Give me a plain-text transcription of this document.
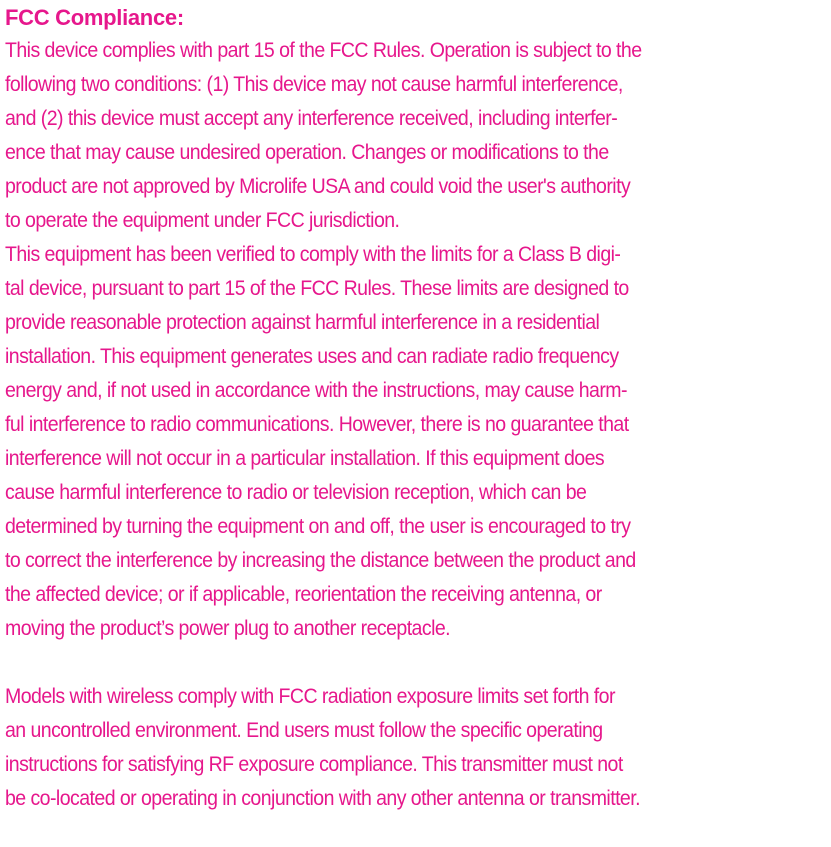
FCC Compliance:
This device complies with part 15 of the FCC Rules. Operation is subject to the
following two conditions: (1) This device may not cause harmful interference,
and (2) this device must accept any interference received, including interfer-
ence that may cause undesired operation. Changes or modifications to the
product are not approved by Microlife USA and could void the user's authority
to operate the equipment under FCC jurisdiction.
This equipment has been verified to comply with the limits for a Class B digi-
tal device, pursuant to part 15 of the FCC Rules. These limits are designed to
provide reasonable protection against harmful interference in a residential
installation. This equipment generates uses and can radiate radio frequency
energy and, if not used in accordance with the instructions, may cause harm-
ful interference to radio communications. However, there is no guarantee that
interference will not occur in a particular installation. If this equipment does
cause harmful interference to radio or television reception, which can be
determined by turning the equipment on and off, the user is encouraged to try
to correct the interference by increasing the distance between the product and
the affected device; or if applicable, reorientation the receiving antenna, or
moving the product’s power plug to another receptacle.
Models with wireless comply with FCC radiation exposure limits set forth for
an uncontrolled environment. End users must follow the specific operating
instructions for satisfying RF exposure compliance. This transmitter must not
be co-located or operating in conjunction with any other antenna or transmitter.
